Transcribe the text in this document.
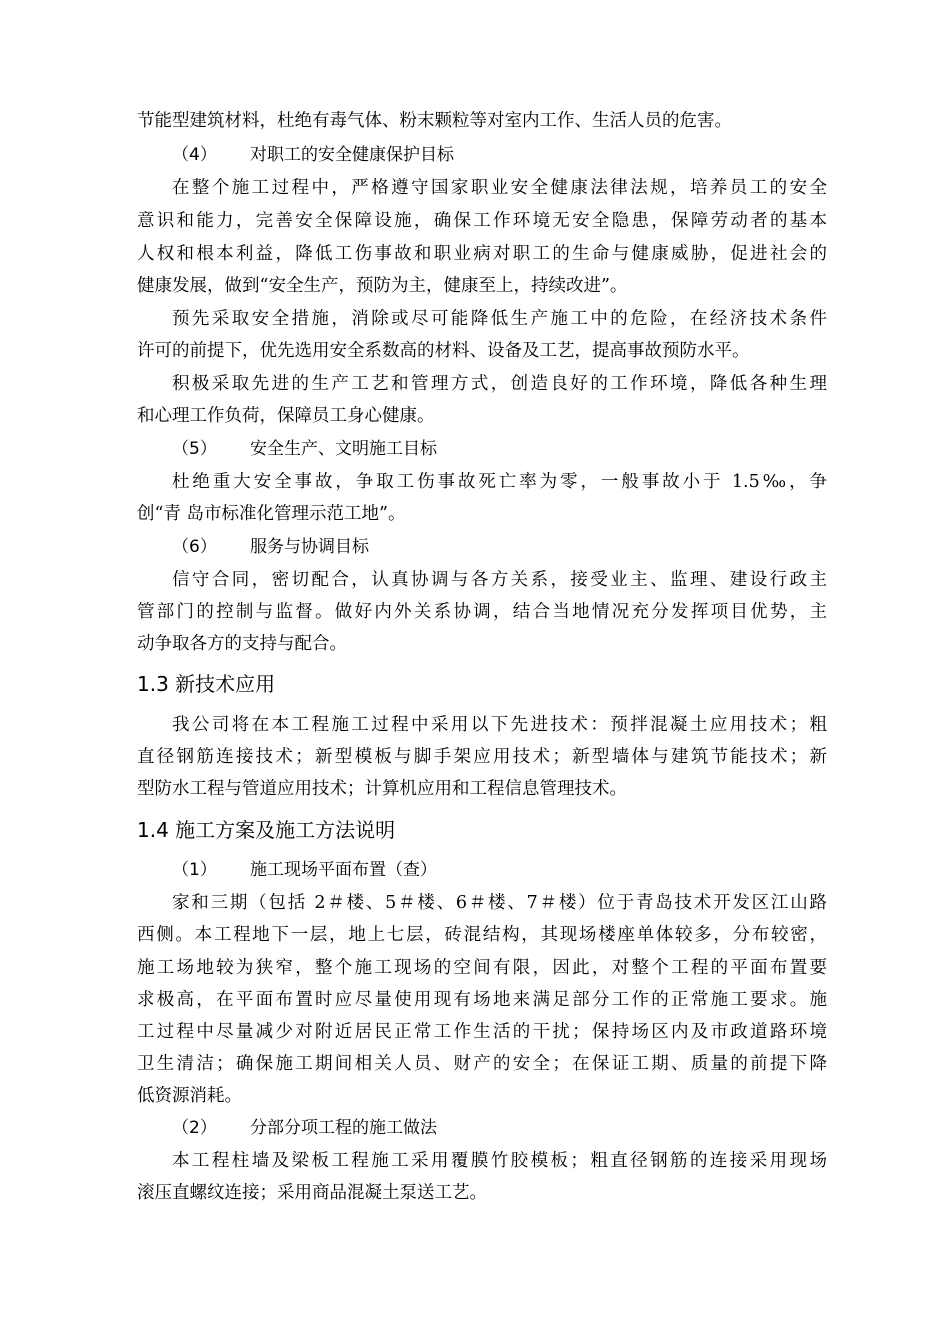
节能型建筑材料，杜绝有毒气体、粉末颗粒等对室内工作、生活人员的危害。
（4） 对职工的安全健康保护目标
在整个施工过程中，严格遵守国家职业安全健康法律法规，培养员工的安全
意识和能力，完善安全保障设施，确保工作环境无安全隐患，保障劳动者的基本
人权和根本利益，降低工伤事故和职业病对职工的生命与健康威胁，促进社会的
健康发展，做到“安全生产，预防为主，健康至上，持续改进”。
预先采取安全措施，消除或尽可能降低生产施工中的危险，在经济技术条件
许可的前提下，优先选用安全系数高的材料、设备及工艺，提高事故预防水平。
积极采取先进的生产工艺和管理方式，创造良好的工作环境，降低各种生理
和心理工作负荷，保障员工身心健康。
（5） 安全生产、文明施工目标
杜绝重大安全事故，争取工伤事故死亡率为零，一般事故小于 1.5‰，争
创“青 岛市标准化管理示范工地”。
（6） 服务与协调目标
信守合同，密切配合，认真协调与各方关系，接受业主、监理、建设行政主
管部门的控制与监督。做好内外关系协调，结合当地情况充分发挥项目优势，主
动争取各方的支持与配合。
1.3 新技术应用
我公司将在本工程施工过程中采用以下先进技术：预拌混凝土应用技术；粗
直径钢筋连接技术；新型模板与脚手架应用技术；新型墙体与建筑节能技术；新
型防水工程与管道应用技术；计算机应用和工程信息管理技术。
1.4 施工方案及施工方法说明
（1） 施工现场平面布置（查）
家和三期（包括 2＃楼、5＃楼、6＃楼、7＃楼）位于青岛技术开发区江山路
西侧。本工程地下一层，地上七层，砖混结构，其现场楼座单体较多，分布较密，
施工场地较为狭窄，整个施工现场的空间有限，因此，对整个工程的平面布置要
求极高，在平面布置时应尽量使用现有场地来满足部分工作的正常施工要求。施
工过程中尽量减少对附近居民正常工作生活的干扰；保持场区内及市政道路环境
卫生清洁；确保施工期间相关人员、财产的安全；在保证工期、质量的前提下降
低资源消耗。
（2） 分部分项工程的施工做法
本工程柱墙及梁板工程施工采用覆膜竹胶模板；粗直径钢筋的连接采用现场
滚压直螺纹连接；采用商品混凝土泵送工艺。
